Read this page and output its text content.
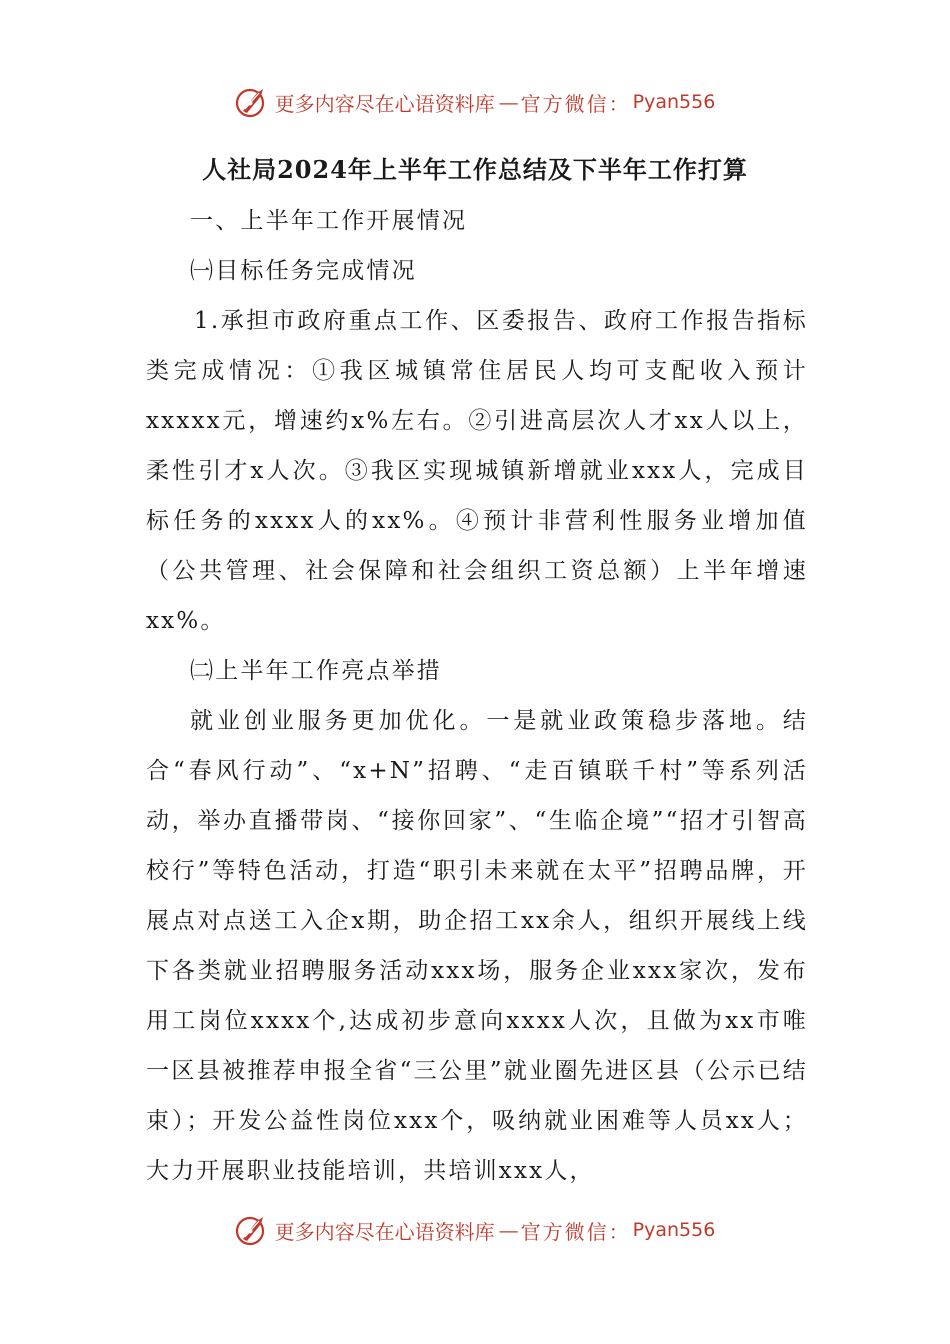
更多内容尽在心语资料库 — 官方微信： Pyan556
人社局2024年上半年工作总结及下半年工作打算

一、上半年工作开展情况

㈠目标任务完成情况

1.承担市政府重点工作、区委报告、政府工作报告指标类完成情况：①我区城镇常住居民人均可支配收入预计xxxxx元，增速约x%左右。②引进高层次人才xx人以上，柔性引才x人次。③我区实现城镇新增就业xxx人，完成目标任务的xxxx人的xx%。④预计非营利性服务业增加值（公共管理、社会保障和社会组织工资总额）上半年增速xx%。

㈡上半年工作亮点举措

就业创业服务更加优化。一是就业政策稳步落地。结合“春风行动”、“x+N”招聘、“走百镇联千村”等系列活动，举办直播带岗、“接你回家”、“生临企境”“招才引智高校行”等特色活动，打造“职引未来就在太平”招聘品牌，开展点对点送工入企x期，助企招工xx余人，组织开展线上线下各类就业招聘服务活动xxx场，服务企业xxx家次，发布用工岗位xxxx个,达成初步意向xxxx人次，且做为xx市唯一区县被推荐申报全省“三公里”就业圈先进区县（公示已结束）；开发公益性岗位xxx个，吸纳就业困难等人员xx人；大力开展职业技能培训，共培训xxx人，

更多内容尽在心语资料库 — 官方微信： Pyan556
